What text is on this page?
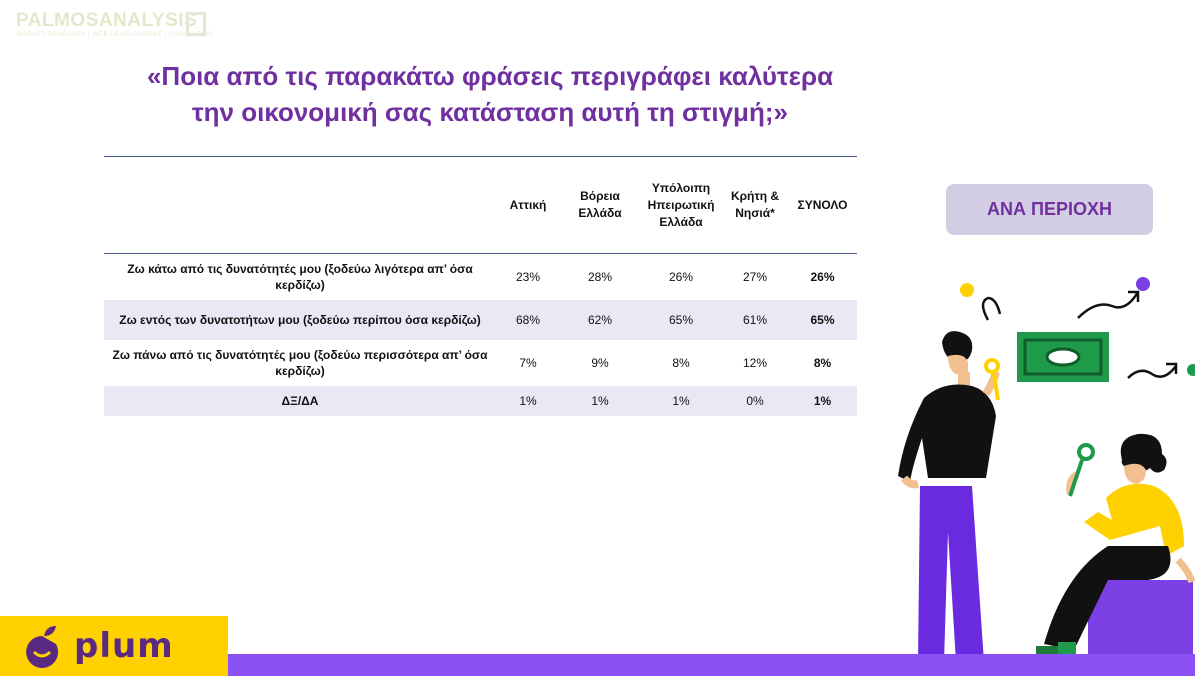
PALMOSANALYSIS
MARKET RESEARCH | WEB DEVELOPMENT | CONSULTING
«Ποια από τις παρακάτω φράσεις περιγράφει καλύτερα
την οικονομική σας κατάσταση αυτή τη στιγμή;»
	Αττική	Βόρεια Ελλάδα	Υπόλοιπη Ηπειρωτική Ελλάδα	Κρήτη & Νησιά*	ΣΥΝΟΛΟ
Ζω κάτω από τις δυνατότητές μου (ξοδεύω λιγότερα απ’ όσα κερδίζω)	23%	28%	26%	27%	26%
Ζω εντός των δυνατοτήτων μου (ξοδεύω περίπου όσα κερδίζω)	68%	62%	65%	61%	65%
Ζω πάνω από τις δυνατότητές μου (ξοδεύω περισσότερα απ’ όσα κερδίζω)	7%	9%	8%	12%	8%
ΔΞ/ΔΑ	1%	1%	1%	0%	1%
ΑΝΑ ΠΕΡΙΟΧΗ
plum
